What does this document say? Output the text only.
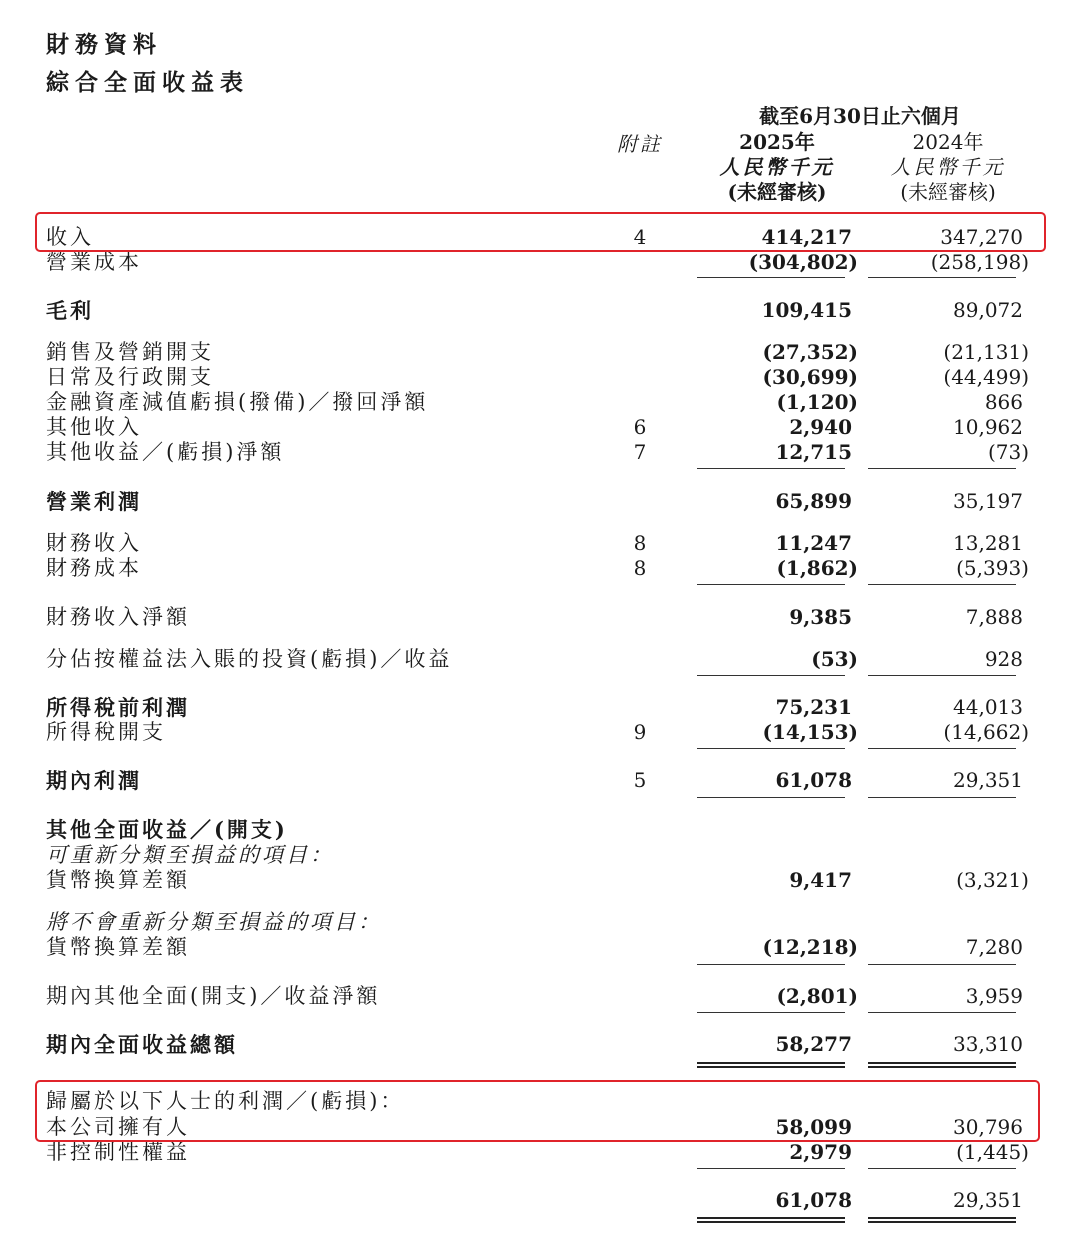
財務資料
綜合全面收益表
截至6月30日止六個月
附註	2025年	2024年
人民幣千元	人民幣千元
(未經審核)	(未經審核)
收入	4	414,217	347,270
營業成本	(304,802)	(258,198)
毛利	109,415	89,072
銷售及營銷開支	(27,352)	(21,131)
日常及行政開支	(30,699)	(44,499)
金融資產減值虧損(撥備)／撥回淨額	(1,120)	866
其他收入	6	2,940	10,962
其他收益／(虧損)淨額	7	12,715	(73)
營業利潤	65,899	35,197
財務收入	8	11,247	13,281
財務成本	8	(1,862)	(5,393)
財務收入淨額	9,385	7,888
分佔按權益法入賬的投資(虧損)／收益	(53)	928
所得稅前利潤	75,231	44,013
所得稅開支	9	(14,153)	(14,662)
期內利潤	5	61,078	29,351
其他全面收益／(開支)
可重新分類至損益的項目：
貨幣換算差額	9,417	(3,321)
將不會重新分類至損益的項目：
貨幣換算差額	(12,218)	7,280
期內其他全面(開支)／收益淨額	(2,801)	3,959
期內全面收益總額	58,277	33,310
歸屬於以下人士的利潤／(虧損)：
本公司擁有人	58,099	30,796
非控制性權益	2,979	(1,445)
61,078	29,351
